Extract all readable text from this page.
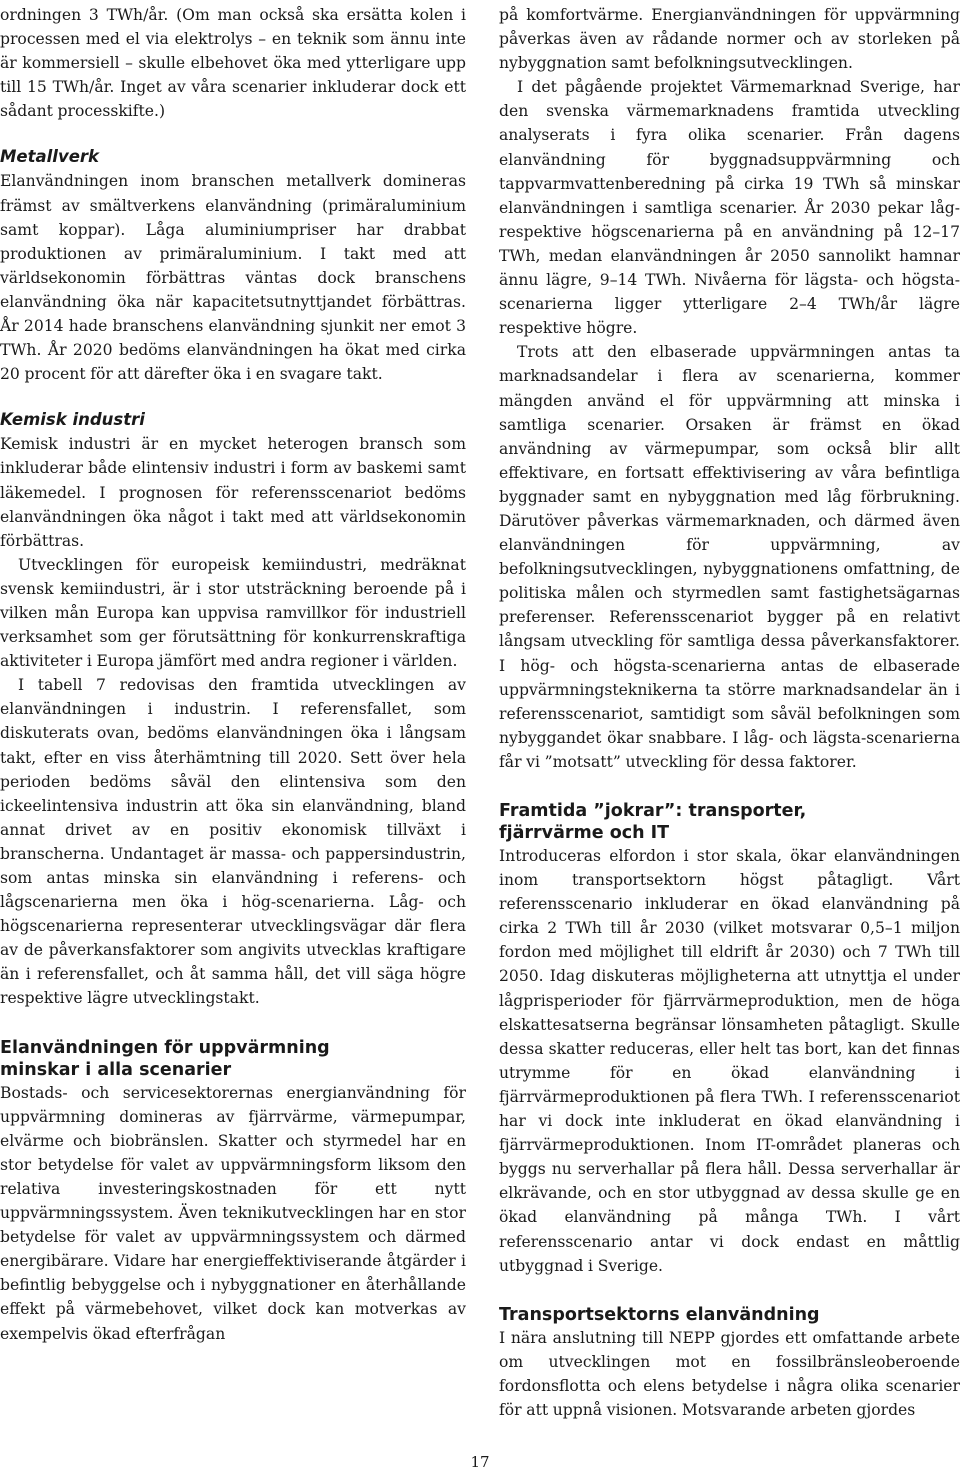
ordningen 3 TWh/år. (Om man också ska ersätta kolen i processen med el via elektrolys – en teknik som ännu inte är kommersiell – skulle elbehovet öka med ytterligare upp till 15 TWh/år. Inget av våra scenarier inkluderar dock ett sådant processkifte.)

Metallverk

Elanvändningen inom branschen metallverk domineras främst av smältverkens elanvändning (primäraluminium samt koppar). Låga aluminiumpriser har drabbat produktionen av primäraluminium. I takt med att världsekonomin förbättras väntas dock branschens elanvändning öka när kapacitetsutnyttjandet förbättras. År 2014 hade branschens elanvändning sjunkit ner emot 3 TWh. År 2020 bedöms elanvändningen ha ökat med cirka 20 procent för att därefter öka i en svagare takt.

Kemisk industri

Kemisk industri är en mycket heterogen bransch som inkluderar både elintensiv industri i form av baskemi samt läkemedel. I prognosen för referensscenariot bedöms elanvändningen öka något i takt med att världsekonomin förbättras.

Utvecklingen för europeisk kemiindustri, medräknat svensk kemiindustri, är i stor utsträckning beroende på i vilken mån Europa kan uppvisa ramvillkor för industriell verksamhet som ger förutsättning för konkurrenskraftiga aktiviteter i Europa jämfört med andra regioner i världen.

I tabell 7 redovisas den framtida utvecklingen av elanvändningen i industrin. I referensfallet, som diskuterats ovan, bedöms elanvändningen öka i långsam takt, efter en viss återhämtning till 2020. Sett över hela perioden bedöms såväl den elintensiva som den ickeelintensiva industrin att öka sin elanvändning, bland annat drivet av en positiv ekonomisk tillväxt i branscherna. Undantaget är massa- och pappersindustrin, som antas minska sin elanvändning i referens- och lågscenarierna men öka i hög-scenarierna. Låg- och högscenarierna representerar utvecklingsvägar där flera av de påverkansfaktorer som angivits utvecklas kraftigare än i referensfallet, och åt samma håll, det vill säga högre respektive lägre utvecklingstakt.

Elanvändningen för uppvärmning
minskar i alla scenarier

Bostads- och servicesektorernas energianvändning för uppvärmning domineras av fjärrvärme, värmepumpar, elvärme och biobränslen. Skatter och styrmedel har en stor betydelse för valet av uppvärmningsform liksom den relativa investeringskostnaden för ett nytt uppvärmningssystem. Även teknikutvecklingen har en stor betydelse för valet av uppvärmningssystem och därmed energibärare. Vidare har energieffektiviserande åtgärder i befintlig bebyggelse och i nybyggnationer en återhållande effekt på värmebehovet, vilket dock kan motverkas av exempelvis ökad efterfrågan

på komfortvärme. Energianvändningen för uppvärmning påverkas även av rådande normer och av storleken på nybyggnation samt befolkningsutvecklingen.

I det pågående projektet Värmemarknad Sverige, har den svenska värmemarknadens framtida utveckling analyserats i fyra olika scenarier. Från dagens elanvändning för byggnadsuppvärmning och tappvarmvattenberedning på cirka 19 TWh så minskar elanvändningen i samtliga scenarier. År 2030 pekar låg- respektive högscenarierna på en användning på 12–17 TWh, medan elanvändningen år 2050 sannolikt hamnar ännu lägre, 9–14 TWh. Nivåerna för lägsta- och högsta-scenarierna ligger ytterligare 2–4 TWh/år lägre respektive högre.

Trots att den elbaserade uppvärmningen antas ta marknadsandelar i flera av scenarierna, kommer mängden använd el för uppvärmning att minska i samtliga scenarier. Orsaken är främst en ökad användning av värmepumpar, som också blir allt effektivare, en fortsatt effektivisering av våra befintliga byggnader samt en nybyggnation med låg förbrukning. Därutöver påverkas värmemarknaden, och därmed även elanvändningen för uppvärmning, av befolkningsutvecklingen, nybyggnationens omfattning, de politiska målen och styrmedlen samt fastighetsägarnas preferenser. Referensscenariot bygger på en relativt långsam utveckling för samtliga dessa påverkansfaktorer. I hög- och högsta-scenarierna antas de elbaserade uppvärmningsteknikerna ta större marknadsandelar än i referensscenariot, samtidigt som såväl befolkningen som nybyggandet ökar snabbare. I låg- och lägsta-scenarierna får vi ”motsatt” utveckling för dessa faktorer.

Framtida ”jokrar”: transporter,
fjärrvärme och IT

Introduceras elfordon i stor skala, ökar elanvändningen inom transportsektorn högst påtagligt. Vårt referensscenario inkluderar en ökad elanvändning på cirka 2 TWh till år 2030 (vilket motsvarar 0,5–1 miljon fordon med möjlighet till eldrift år 2030) och 7 TWh till 2050. Idag diskuteras möjligheterna att utnyttja el under lågprisperioder för fjärrvärmeproduktion, men de höga elskattesatserna begränsar lönsamheten påtagligt. Skulle dessa skatter reduceras, eller helt tas bort, kan det finnas utrymme för en ökad elanvändning i fjärrvärmeproduktionen på flera TWh. I referensscenariot har vi dock inte inkluderat en ökad elanvändning i fjärrvärmeproduktionen. Inom IT-området planeras och byggs nu serverhallar på flera håll. Dessa serverhallar är elkrävande, och en stor utbyggnad av dessa skulle ge en ökad elanvändning på många TWh. I vårt referensscenario antar vi dock endast en måttlig utbyggnad i Sverige.

Transportsektorns elanvändning

I nära anslutning till NEPP gjordes ett omfattande arbete om utvecklingen mot en fossilbränsleoberoende fordonsflotta och elens betydelse i några olika scenarier för att uppnå visionen. Motsvarande arbeten gjordes

17
